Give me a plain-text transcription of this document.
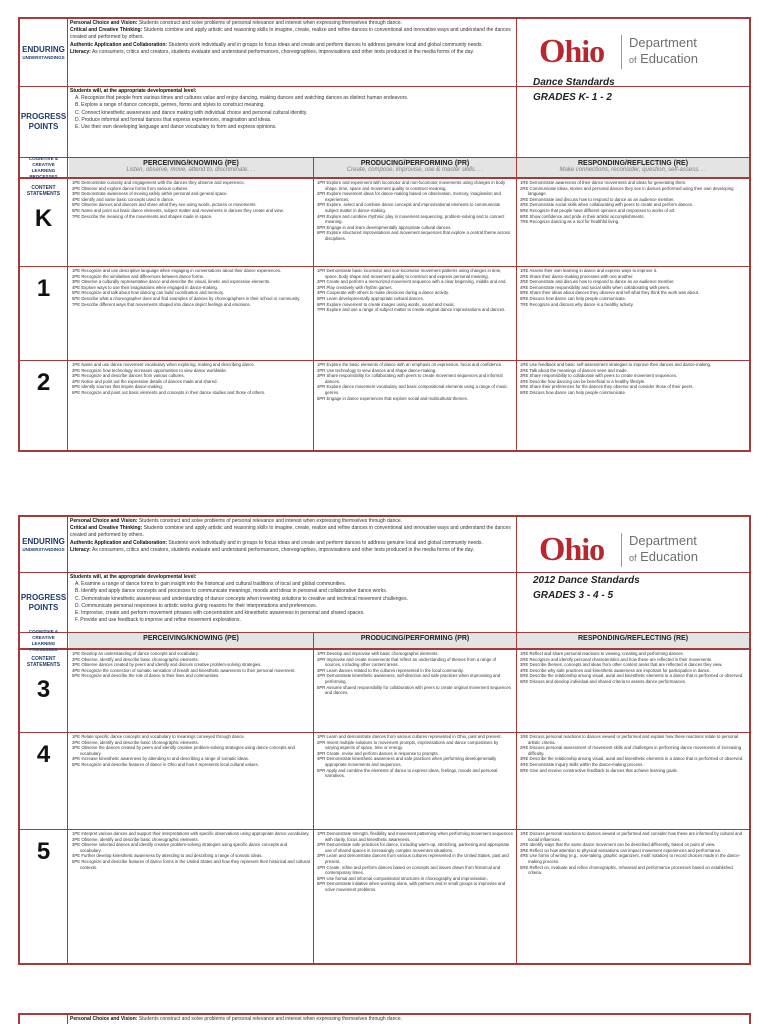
ENDURING
UNDERSTANDINGS
Personal Choice and Vision: Students construct and solve problems of personal relevance and interest when expressing themselves through dance.
Critical and Creative Thinking: Students combine and apply artistic and reasoning skills to imagine, create, realize and refine dances in conventional and innovative ways and understand the dances created and performed by others.
Authentic Application and Collaboration: Students work individually and in groups to focus ideas and create and perform dances to address genuine local and global community needs.
Literacy: As consumers, critics and creators, students evaluate and understand performances, choreographies, improvisations and other texts produced in the media forms of the day.
PROGRESS
POINTS
Students will, at the appropriate developmental level:
A. Recognize that people from various times and cultures value and enjoy dancing, making dances and watching dances as distinct human endeavors.
B. Explore a range of dance concepts, genres, forms and styles to construct meaning.
C. Connect kinesthetic awareness and dance making with individual choice and personal cultural identity.
D. Produce informal and formal dances that express experiences, imagination and ideas.
E. Use their own developing language and dance vocabulary to form and express opinions.
Ohio Department
of Education
Dance Standards
GRADES K- 1 - 2
COGNITIVE & CREATIVE LEARNING PROCESSES
PERCEIVING/KNOWING (PE)
Listen, observe, move, attend to, discriminate. . .
PRODUCING/PERFORMING (PR)
Create, compose, improvise, use & master skills. . .
RESPONDING/REFLECTING (RE)
Make connections, reconsider, question, self-assess. . .
CONTENT
STATEMENTS
K
1PE Demonstrate curiosity and engagement with the dances they observe and experience.
2PE Observe and explore dance forms from various cultures.
3PE Demonstrate awareness of moving safely within personal and general space.
4PE Identify and name basic concepts used in dance.
5PE Observe dances and dancers and share what they see using words, pictures or movements.
6PE Name and point out basic dance elements, subject matter and movements in dances they create and view.
7PE Describe the meaning of the movements and shapes made in space.
1PR Explore and experiment with locomotor and non-locomotor movements using changes in body shape, time, space and movement quality to construct meaning.
2PR Explore movement ideas for dance-making based on observation, memory, imagination and experiences.
3PR Explore, select and combine dance concepts and improvisational elements to communicate subject matter in dance-making.
4PR Explore and combine rhythmic play in movement sequencing, problem-solving and to connect meaning.
5PR Engage in and learn developmentally appropriate cultural dances.
6PR Explore structured improvisations and movement sequences that explore a central theme across disciplines.
1RE Demonstrate awareness of their dance movements and ideas for generating them.
2RE Communicate ideas, stories and personal dances they see in dances performed using their own developing language.
3RE Demonstrate and discuss how to respond to dance as an audience member.
4RE Demonstrate social skills when collaborating with peers to create and perform dances.
5RE Recognize that people have different opinions and responses to works of art.
6RE Show confidence and pride in their artistic accomplishments.
7RE Recognize dancing as a tool for healthful living.
1
1PE Recognize and use descriptive language when engaging in conversations about their dance experiences.
2PE Recognize the similarities and differences between dance forms.
3PE Observe a culturally representative dance and describe the visual, kinetic and expressive elements.
4PE Explore ways to use their imaginations when engaged in dance-making.
5PE Recognize and talk about how dancing can build coordination and memory.
6PE Describe what a choreographer does and find examples of dances by choreographers in their school or community.
7PE Describe different ways that movements shaped into dance depict feelings and emotions.
1PR Demonstrate basic locomotor and non-locomotor movement patterns using changes in time, space, body shape and movement quality to construct and express personal meaning.
2PR Create and perform a memorized movement sequence with a clear beginning, middle and end.
3PR Play creatively with rhythm games.
4PR Cooperate with others to make decisions during a dance activity.
5PR Learn developmentally appropriate cultural dances.
6PR Explore movement to create images using words, sound and music.
7PR Explore and use a range of subject matter to create original dance improvisations and dances.
1RE Assess their own learning in dance and express ways to improve it.
2RE Share their dance-making processes with one another.
3RE Demonstrate and discuss how to respond to dance as an audience member.
4RE Demonstrate responsibility and social skills when collaborating with peers.
5RE Share their ideas about dances they observe and tell what they think the work was about.
6RE Discuss how dance can help people communicate.
7RE Recognize and discuss why dance is a healthy activity.
2
1PE Name and use dance movement vocabulary when exploring, making and describing dance.
2PE Recognize how technology increases opportunities to view dance worldwide.
3PE Recognize and describe dances from various cultures.
4PE Notice and point out the expressive details of dances made and shared.
5PE Identify sources that inspire dance-making.
6PE Recognize and point out basic elements and concepts in their dance studies and those of others.
1PR Explore the basic elements of dance with an emphasis on expression, focus and confidence.
2PR Use technology to view dances and shape dance-making.
3PR Share responsibility for collaborating with peers to create movement sequences and informal dances.
4PR Explore dance movement vocabulary and basic compositional elements using a range of music genres.
5PR Engage in dance experiences that explore social and multicultural themes.
1RE Use feedback and basic self-assessment strategies to improve their dances and dance-making.
2RE Talk about the meanings of dances seen and made.
3RE Share responsibility to collaborate with peers to create movement sequences.
4RE Describe how dancing can be beneficial to a healthy lifestyle.
5RE Share their preferences for the dances they observe and consider those of their peers.
6RE Discuss how dance can help people communicate.
ENDURING
UNDERSTANDINGS
Personal Choice and Vision: Students construct and solve problems of personal relevance and interest when expressing themselves through dance.
Critical and Creative Thinking: Students combine and apply artistic and reasoning skills to imagine, create, realize and refine dances in conventional and innovative ways and understand the dances created and performed by others.
Authentic Application and Collaboration: Students work individually and in groups to focus ideas and create and perform dances to address genuine local and global community needs.
Literacy: As consumers, critics and creators, students evaluate and understand performances, choreographies, improvisations and other texts produced in the media forms of the day.
PROGRESS
POINTS
Students will, at the appropriate developmental level:
A. Examine a range of dance forms to gain insight into the historical and cultural traditions of local and global communities.
B. Identify and apply dance concepts and processes to communicate meanings, moods and ideas in personal and collaborative dance works.
C. Demonstrate kinesthetic awareness and understanding of dance concepts when inventing solutions to creative and technical movement challenges.
D. Communicate personal responses to artistic works giving reasons for their interpretations and preferences.
E. Improvise, create and perform movement phrases with concentration and kinesthetic awareness in personal and shared spaces.
F. Provide and use feedback to improve and refine movement explorations.
Ohio Department
of Education
2012 Dance Standards
GRADES 3 - 4 - 5
COGNITIVE & CREATIVE LEARNING PROCESSES
PERCEIVING/KNOWING (PE)	PRODUCING/PERFORMING (PR)	RESPONDING/REFLECTING (RE)
CONTENT
STATEMENTS
3
1PE Develop an understanding of dance concepts and vocabulary.
2PE Observe, identify and describe basic choreographic elements.
3PE Observe dances created by peers and identify and discuss creative problem-solving strategies.
4PE Recognize the connection of somatic sensation of breath and kinesthetic awareness to their personal movement.
5PE Recognize and describe the role of dance in their lives and communities.
1PR Develop and improvise with basic choreographic elements.
2PR Improvise and create movements that reflect an understanding of themes from a range of sources, including other content areas.
3PR Learn dances related to the cultures represented in the local community.
4PR Demonstrate kinesthetic awareness, self-direction and safe practices when improvising and performing.
5PR Assume shared responsibility for collaboration with peers to create original movement sequences and dances.
1RE Reflect and share personal reactions to viewing, creating and performing dances.
2RE Recognize and identify personal characteristics and how these are reflected in their movements.
3RE Describe themes, concepts and ideas from other content areas that are reflected in dances they view.
4RE Describe why safe practices and kinesthetic awareness are important for participation in dance.
5RE Describe the relationship among visual, aural and kinesthetic elements in a dance that is performed or observed.
6RE Discuss and develop individual and shared criteria to assess dance performances.
4
1PE Relate specific dance concepts and vocabulary to meanings conveyed through dance.
2PE Observe, identify and describe basic choreographic elements.
3PE Observe the dances created by peers and identify creative problem-solving strategies using dance concepts and vocabulary.
4PE Increase kinesthetic awareness by attending to and describing a range of somatic ideas.
5PE Recognize and describe features of dance in Ohio and how it represents local cultural values.
1PR Learn and demonstrate dances from various cultures represented in Ohio, past and present.
2PR Invent multiple solutions to movement prompts, improvisations and dance compositions by varying aspects of space, time or energy.
3PR Create, revise and perform dances in response to prompts.
4PR Demonstrate kinesthetic awareness and safe practices when performing developmentally appropriate movements and sequences.
5PR Apply and combine the elements of dance to express ideas, feelings, moods and personal narratives.
1RE Discuss personal reactions to dances viewed or performed and explain how these reactions relate to personal artistic criteria.
2RE Discuss personal assessment of movement skills and challenges in performing dance movements of increasing difficulty.
3RE Describe the relationship among visual, aural and kinesthetic elements in a dance that is performed or observed.
4RE Demonstrate inquiry skills within the dance-making process.
5RE Give and receive constructive feedback to dances that achieve learning goals.
5
1PE Interpret various dances and support their interpretations with specific observations using appropriate dance vocabulary.
2PE Observe, identify and describe basic choreographic elements.
3PE Observe selected dances and identify creative problem-solving strategies using specific dance concepts and vocabulary.
4PE Further develop kinesthetic awareness by attending to and describing a range of somatic ideas.
5PE Recognize and describe features of dance forms in the United States and how they represent their historical and cultural contexts.
1PR Demonstrate strength, flexibility and movement patterning when performing movement sequences with clarity, focus and kinesthetic awareness.
2PR Demonstrate safe practices for dance, including warm-up, stretching, partnering and appropriate use of shared spaces in increasingly complex movement situations.
3PR Learn and demonstrate dances from various cultures represented in the United States, past and present.
4PR Create, refine and perform dances based on concepts and issues drawn from historical and contemporary times.
5PR Use formal and informal compositional structures in choreography and improvisation.
6PR Demonstrate initiative when working alone, with partners and in small groups to improvise and solve movement problems.
1RE Discuss personal reactions to dances viewed or performed and consider how these are informed by cultural and social influences.
2RE Identify ways that the same dance movement can be described differently, based on point of view.
3RE Reflect on how attention to physical sensations can impact movement experiences and performance.
4RE Use forms of writing (e.g., note-taking, graphic organizers, motif notation) to record choices made in the dance-making process.
5RE Reflect on, evaluate and refine choreographic, rehearsal and performance processes based on established criteria.
Personal Choice and Vision: Students construct and solve problems of personal relevance and interest when expressing themselves through dance.
